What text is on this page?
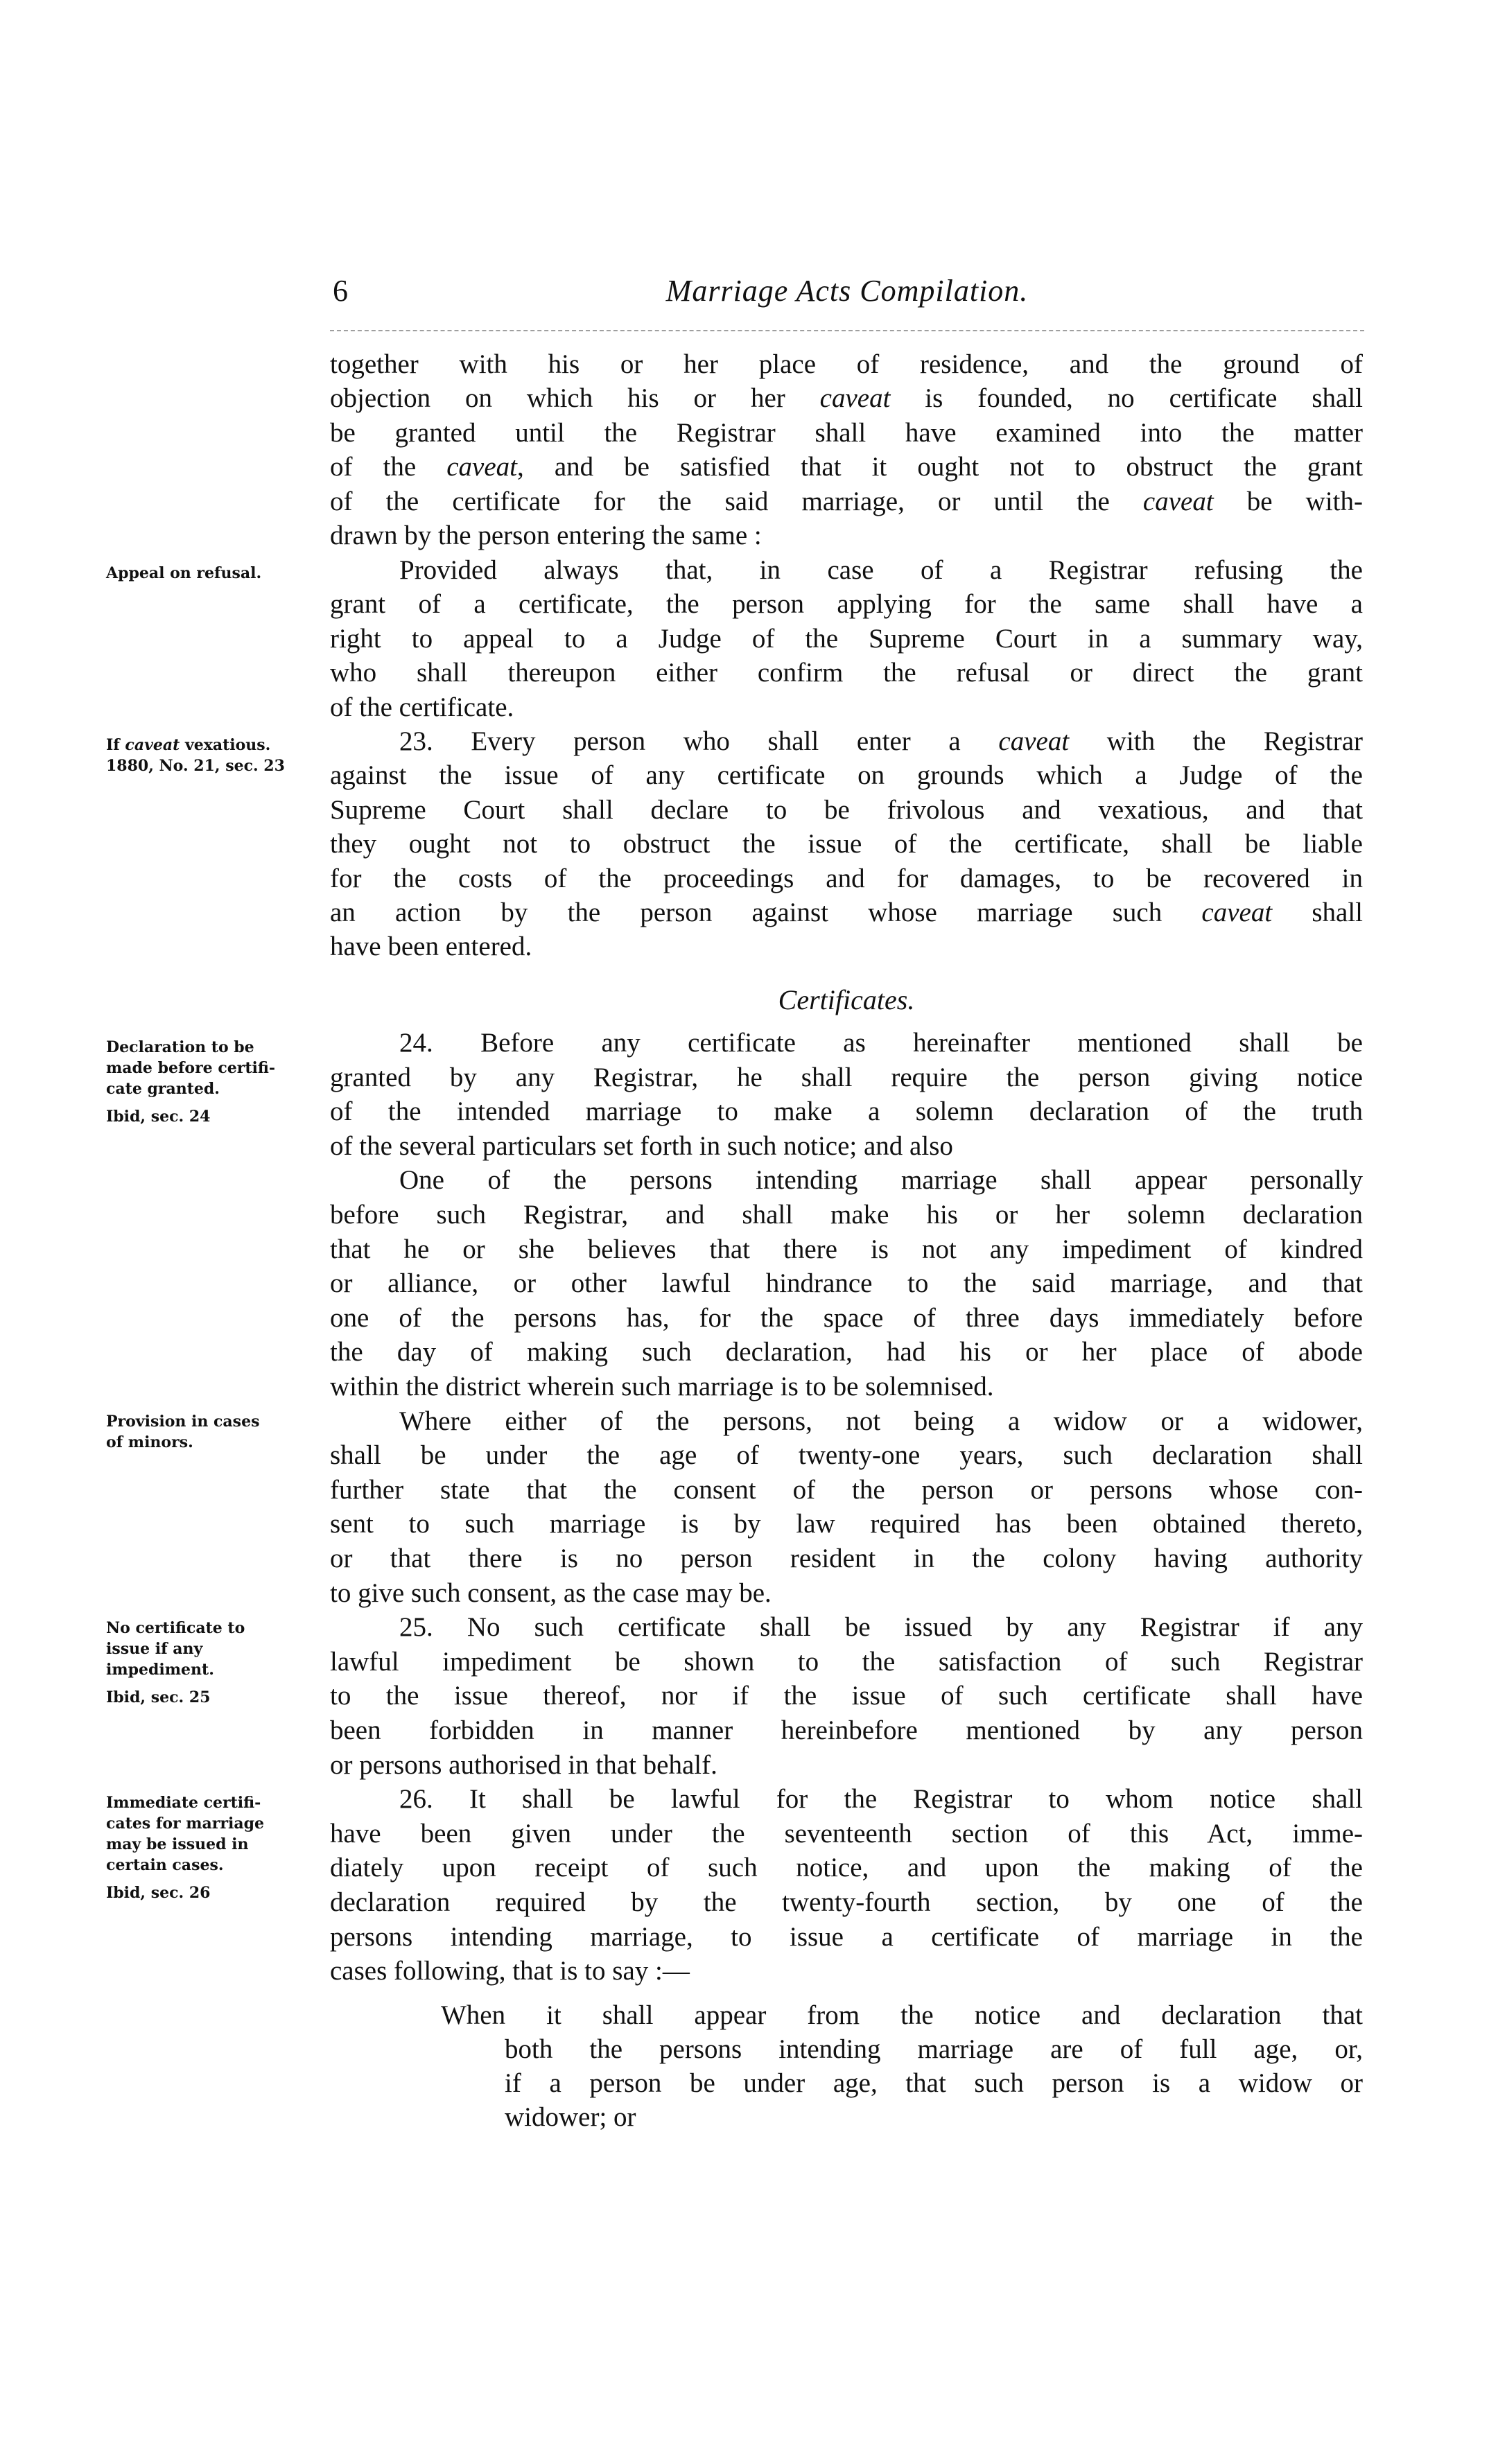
6	Marriage Acts Compilation.
together with his or her place of residence, and the ground of
objection on which his or her caveat is founded, no certificate shall
be granted until the Registrar shall have examined into the matter
of the caveat, and be satisfied that it ought not to obstruct the grant
of the certificate for the said marriage, or until the caveat be with-
drawn by the person entering the same :
Provided always that, in case of a Registrar refusing the
grant of a certificate, the person applying for the same shall have a
right to appeal to a Judge of the Supreme Court in a summary way,
who shall thereupon either confirm the refusal or direct the grant
of the certificate.
23. Every person who shall enter a caveat with the Registrar
against the issue of any certificate on grounds which a Judge of the
Supreme Court shall declare to be frivolous and vexatious, and that
they ought not to obstruct the issue of the certificate, shall be liable
for the costs of the proceedings and for damages, to be recovered in
an action by the person against whose marriage such caveat shall
have been entered.
24. Before any certificate as hereinafter mentioned shall be
granted by any Registrar, he shall require the person giving notice
of the intended marriage to make a solemn declaration of the truth
of the several particulars set forth in such notice; and also
One of the persons intending marriage shall appear personally
before such Registrar, and shall make his or her solemn declaration
that he or she believes that there is not any impediment of kindred
or alliance, or other lawful hindrance to the said marriage, and that
one of the persons has, for the space of three days immediately before
the day of making such declaration, had his or her place of abode
within the district wherein such marriage is to be solemnised.
Where either of the persons, not being a widow or a widower,
shall be under the age of twenty-one years, such declaration shall
further state that the consent of the person or persons whose con-
sent to such marriage is by law required has been obtained thereto,
or that there is no person resident in the colony having authority
to give such consent, as the case may be.
25. No such certificate shall be issued by any Registrar if any
lawful impediment be shown to the satisfaction of such Registrar
to the issue thereof, nor if the issue of such certificate shall have
been forbidden in manner hereinbefore mentioned by any person
or persons authorised in that behalf.
26. It shall be lawful for the Registrar to whom notice shall
have been given under the seventeenth section of this Act, imme-
diately upon receipt of such notice, and upon the making of the
declaration required by the twenty-fourth section, by one of the
persons intending marriage, to issue a certificate of marriage in the
cases following, that is to say :—
When it shall appear from the notice and declaration that
both the persons intending marriage are of full age, or,
if a person be under age, that such person is a widow or
widower; or
Certificates.
Appeal on refusal.
If caveat vexatious.
1880, No. 21, sec. 23
Declaration to be
made before certifi-
cate granted.
Ibid, sec. 24
Provision in cases
of minors.
No certificate to
issue if any
impediment.
Ibid, sec. 25
Immediate certifi-
cates for marriage
may be issued in
certain cases.
Ibid, sec. 26
